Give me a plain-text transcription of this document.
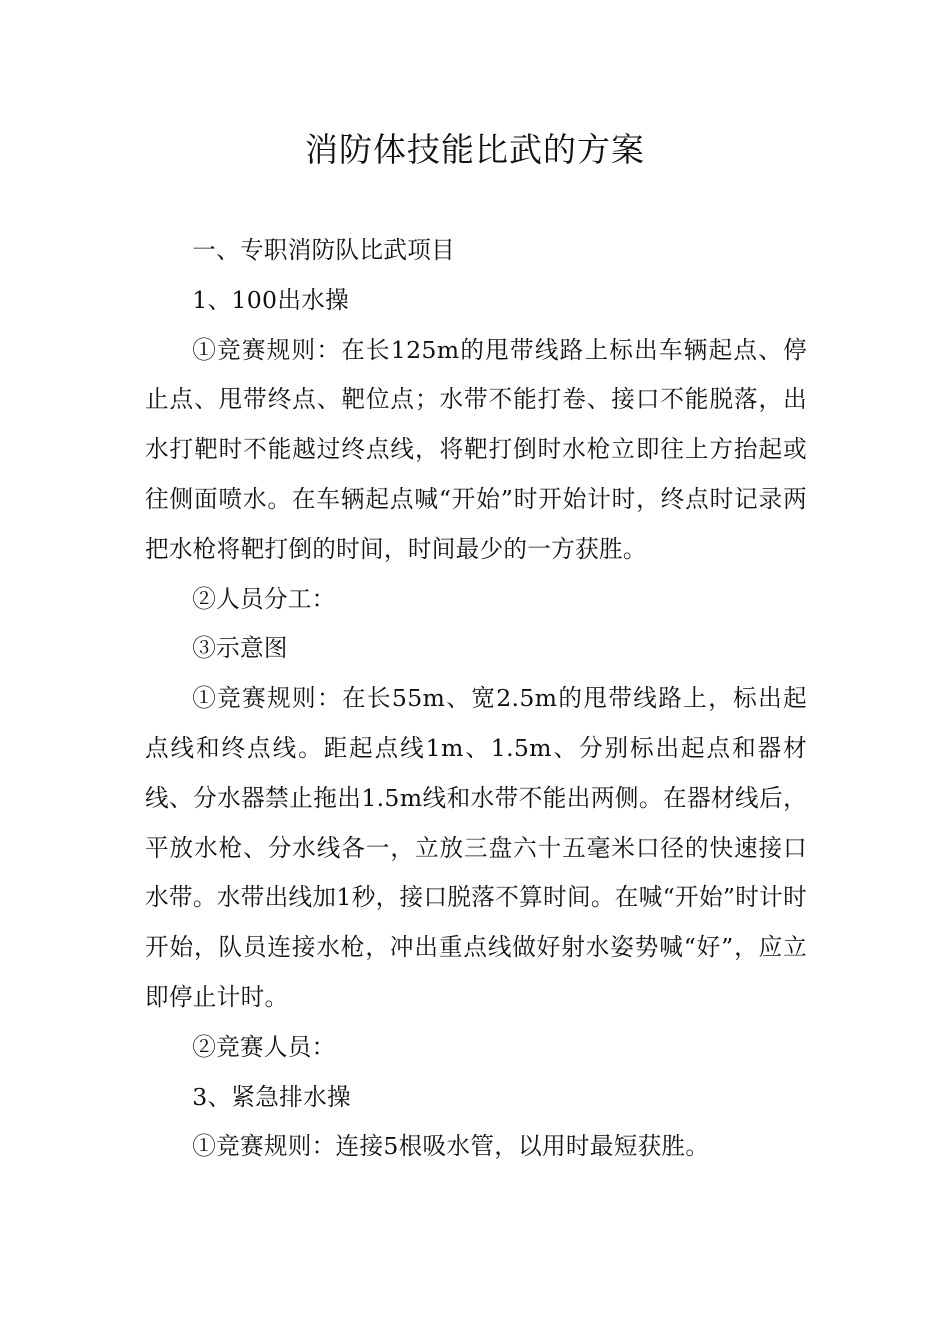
消防体技能比武的方案

一、专职消防队比武项目

1、100出水操

①竞赛规则：在长125m的甩带线路上标出车辆起点、停止点、甩带终点、靶位点；水带不能打卷、接口不能脱落，出水打靶时不能越过终点线，将靶打倒时水枪立即往上方抬起或往侧面喷水。在车辆起点喊“开始”时开始计时，终点时记录两把水枪将靶打倒的时间，时间最少的一方获胜。

②人员分工：

③示意图

①竞赛规则：在长55m、宽2.5m的甩带线路上，标出起点线和终点线。距起点线1m、1.5m、分别标出起点和器材线、分水器禁止拖出1.5m线和水带不能出两侧。在器材线后，平放水枪、分水线各一，立放三盘六十五毫米口径的快速接口水带。水带出线加1秒，接口脱落不算时间。在喊“开始”时计时开始，队员连接水枪，冲出重点线做好射水姿势喊“好”，应立即停止计时。

②竞赛人员：

3、紧急排水操

①竞赛规则：连接5根吸水管，以用时最短获胜。
